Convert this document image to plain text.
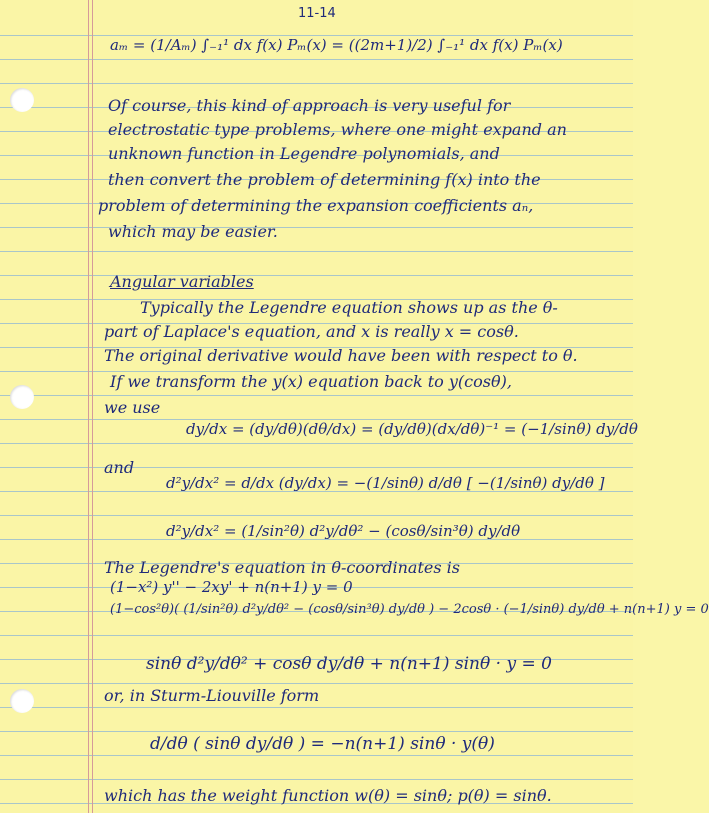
11-14
aₘ = (1/Aₘ) ∫₋₁¹ dx f(x) Pₘ(x) = ((2m+1)/2) ∫₋₁¹ dx f(x) Pₘ(x)
Of course, this kind of approach is very useful for
electrostatic type problems, where one might expand an
unknown function in Legendre polynomials, and
then convert the problem of determining f(x) into the
problem of determining the expansion coefficients aₙ,
which may be easier.
Angular variables
Typically the Legendre equation shows up as the θ-
part of Laplace's equation, and x is really x = cosθ.
The original derivative would have been with respect to θ.
If we transform the y(x) equation back to y(cosθ),
we use
dy/dx = (dy/dθ)(dθ/dx) = (dy/dθ)(dx/dθ)⁻¹ = (−1/sinθ) dy/dθ
and
d²y/dx² = d/dx (dy/dx) = −(1/sinθ) d/dθ [ −(1/sinθ) dy/dθ ]
d²y/dx² = (1/sin²θ) d²y/dθ² − (cosθ/sin³θ) dy/dθ
The Legendre's equation in θ-coordinates is
(1−x²) y'' − 2xy' + n(n+1) y = 0
(1−cos²θ)( (1/sin²θ) d²y/dθ² − (cosθ/sin³θ) dy/dθ ) − 2cosθ · (−1/sinθ) dy/dθ + n(n+1) y = 0
sinθ d²y/dθ² + cosθ dy/dθ + n(n+1) sinθ · y = 0
or, in Sturm-Liouville form
d/dθ ( sinθ dy/dθ ) = −n(n+1) sinθ · y(θ)
which has the weight function w(θ) = sinθ; p(θ) = sinθ.
